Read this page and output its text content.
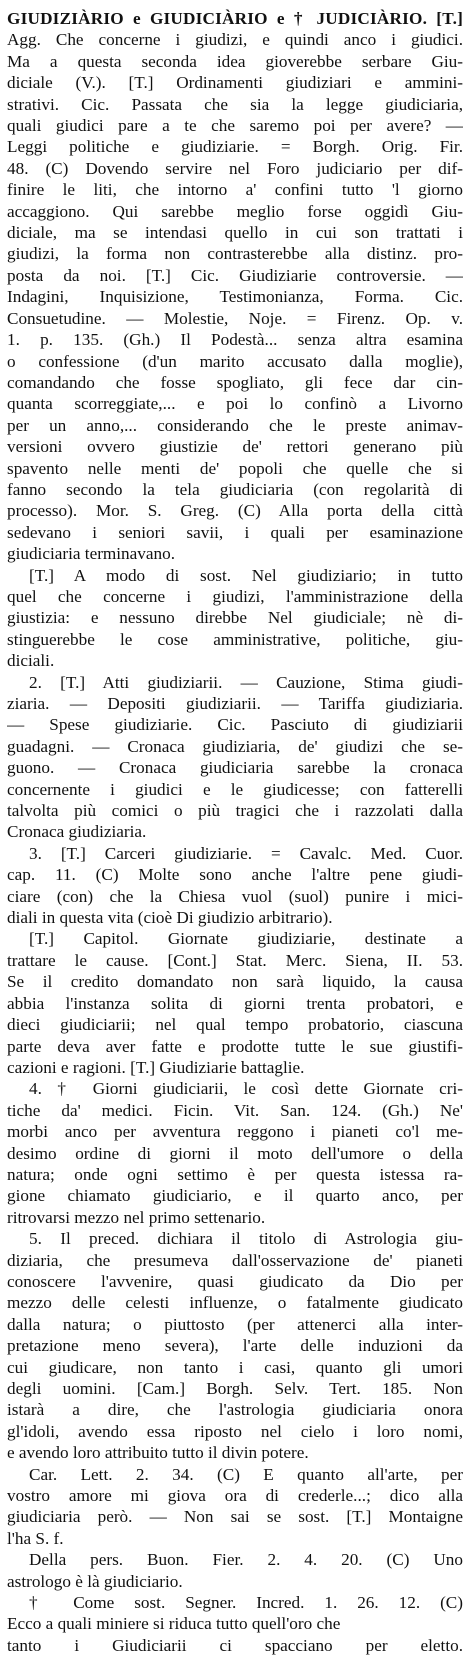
GIUDIZIÀRIO e GIUDICIÀRIO e † JUDICIÀRIO. [T.]
Agg. Che concerne i giudizi, e quindi anco i giudici.
Ma a questa seconda idea gioverebbe serbare Giu-
diciale (V.). [T.] Ordinamenti giudiziari e ammini-
strativi. Cic. Passata che sia la legge giudiciaria,
quali giudici pare a te che saremo poi per avere? —
Leggi politiche e giudiziarie. = Borgh. Orig. Fir.
48. (C) Dovendo servire nel Foro judiciario per dif-
finire le liti, che intorno a' confini tutto 'l giorno
accaggiono. Qui sarebbe meglio forse oggidì Giu-
diciale, ma se intendasi quello in cui son trattati i
giudizi, la forma non contrasterebbe alla distinz. pro-
posta da noi. [T.] Cic. Giudiziarie controversie. —
Indagini, Inquisizione, Testimonianza, Forma. Cic.
Consuetudine. — Molestie, Noje. = Firenz. Op. v.
1. p. 135. (Gh.) Il Podestà... senza altra esamina
o confessione (d'un marito accusato dalla moglie),
comandando che fosse spogliato, gli fece dar cin-
quanta scorreggiate,... e poi lo confinò a Livorno
per un anno,... considerando che le preste animav-
versioni ovvero giustizie de' rettori generano più
spavento nelle menti de' popoli che quelle che si
fanno secondo la tela giudiciaria (con regolarità di
processo). Mor. S. Greg. (C) Alla porta della città
sedevano i seniori savii, i quali per esaminazione
giudiciaria terminavano.
[T.] A modo di sost. Nel giudiziario; in tutto
quel che concerne i giudizi, l'amministrazione della
giustizia: e nessuno direbbe Nel giudiciale; nè di-
stinguerebbe le cose amministrative, politiche, giu-
diciali.
2. [T.] Atti giudiziarii. — Cauzione, Stima giudi-
ziaria. — Depositi giudiziarii. — Tariffa giudiziaria.
— Spese giudiziarie. Cic. Pasciuto di giudiziarii
guadagni. — Cronaca giudiziaria, de' giudizi che se-
guono. — Cronaca giudiciaria sarebbe la cronaca
concernente i giudici e le giudicesse; con fatterelli
talvolta più comici o più tragici che i razzolati dalla
Cronaca giudiziaria.
3. [T.] Carceri giudiziarie. = Cavalc. Med. Cuor.
cap. 11. (C) Molte sono anche l'altre pene giudi-
ciare (con) che la Chiesa vuol (suol) punire i mici-
diali in questa vita (cioè Di giudizio arbitrario).
[T.] Capitol. Giornate giudiziarie, destinate a
trattare le cause. [Cont.] Stat. Merc. Siena, II. 53.
Se il credito domandato non sarà liquido, la causa
abbia l'instanza solita di giorni trenta probatori, e
dieci giudiciarii; nel qual tempo probatorio, ciascuna
parte deva aver fatte e prodotte tutte le sue giustifi-
cazioni e ragioni. [T.] Giudiziarie battaglie.
4. † Giorni giudiciarii, le così dette Giornate cri-
tiche da' medici. Ficin. Vit. San. 124. (Gh.) Ne'
morbi anco per avventura reggono i pianeti co'l me-
desimo ordine di giorni il moto dell'umore o della
natura; onde ogni settimo è per questa istessa ra-
gione chiamato giudiciario, e il quarto anco, per
ritrovarsi mezzo nel primo settenario.
5. Il preced. dichiara il titolo di Astrologia giu-
diziaria, che presumeva dall'osservazione de' pianeti
conoscere l'avvenire, quasi giudicato da Dio per
mezzo delle celesti influenze, o fatalmente giudicato
dalla natura; o piuttosto (per attenerci alla inter-
pretazione meno severa), l'arte delle induzioni da
cui giudicare, non tanto i casi, quanto gli umori
degli uomini. [Cam.] Borgh. Selv. Tert. 185. Non
istarà a dire, che l'astrologia giudiciaria onora
gl'idoli, avendo essa riposto nel cielo i loro nomi,
e avendo loro attribuito tutto il divin potere.
Car. Lett. 2. 34. (C) E quanto all'arte, per
vostro amore mi giova ora di crederle...; dico alla
giudiciaria però. — Non sai se sost. [T.] Montaigne
l'ha S. f.
Della pers. Buon. Fier. 2. 4. 20. (C) Uno
astrologo è là giudiciario.
† Come sost. Segner. Incred. 1. 26. 12. (C)
Ecco a quali miniere si riduca tutto quell'oro che
tanto i Giudiciarii ci spacciano per eletto.
